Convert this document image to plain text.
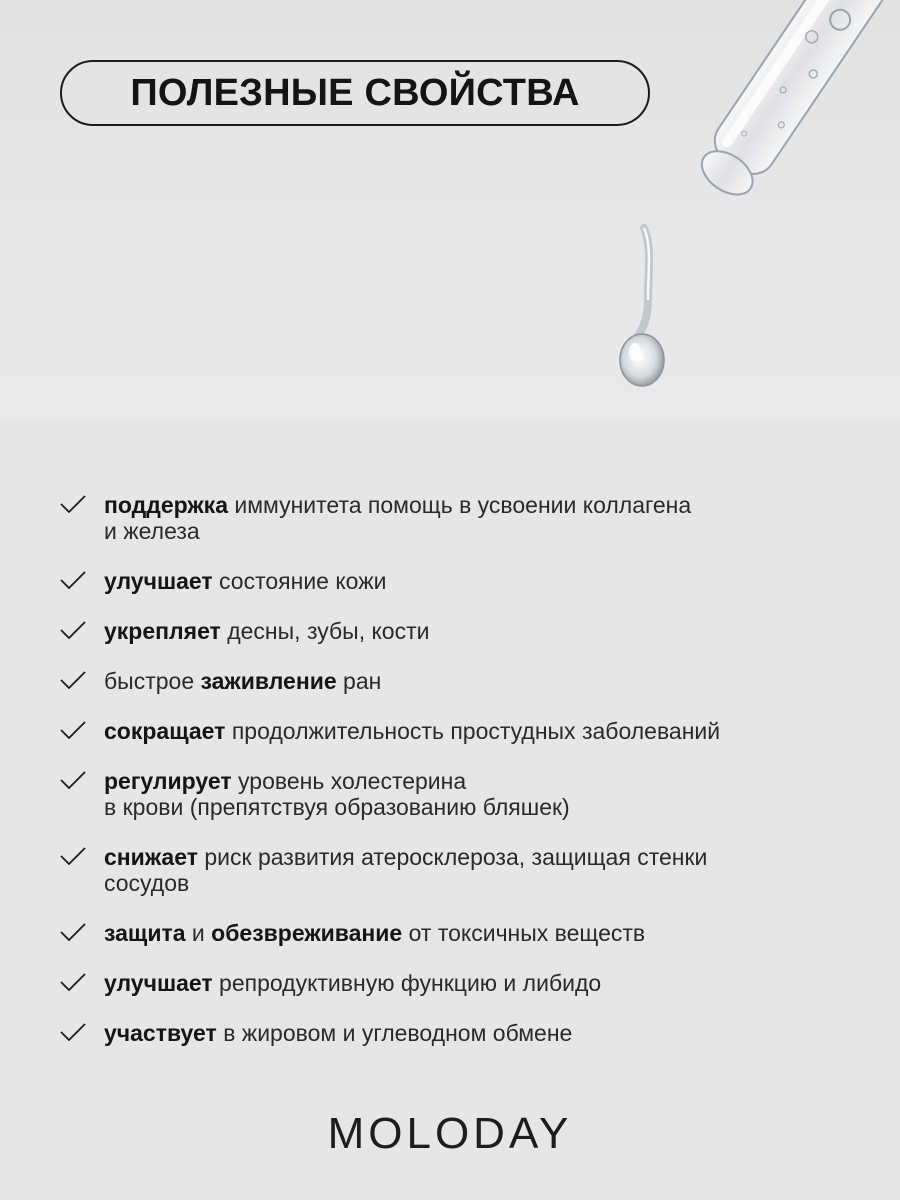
ПОЛЕЗНЫЕ СВОЙСТВА
поддержка иммунитета помощь в усвоении коллагена
и железа
улучшает состояние кожи
укрепляет десны, зубы, кости
быстрое заживление ран
сокращает продолжительность простудных заболеваний
регулирует уровень холестерина
в крови (препятствуя образованию бляшек)
снижает риск развития атеросклероза, защищая стенки
сосудов
защита и обезвреживание от токсичных веществ
улучшает репродуктивную функцию и либидо
участвует в жировом и углеводном обмене
MOLODAY
